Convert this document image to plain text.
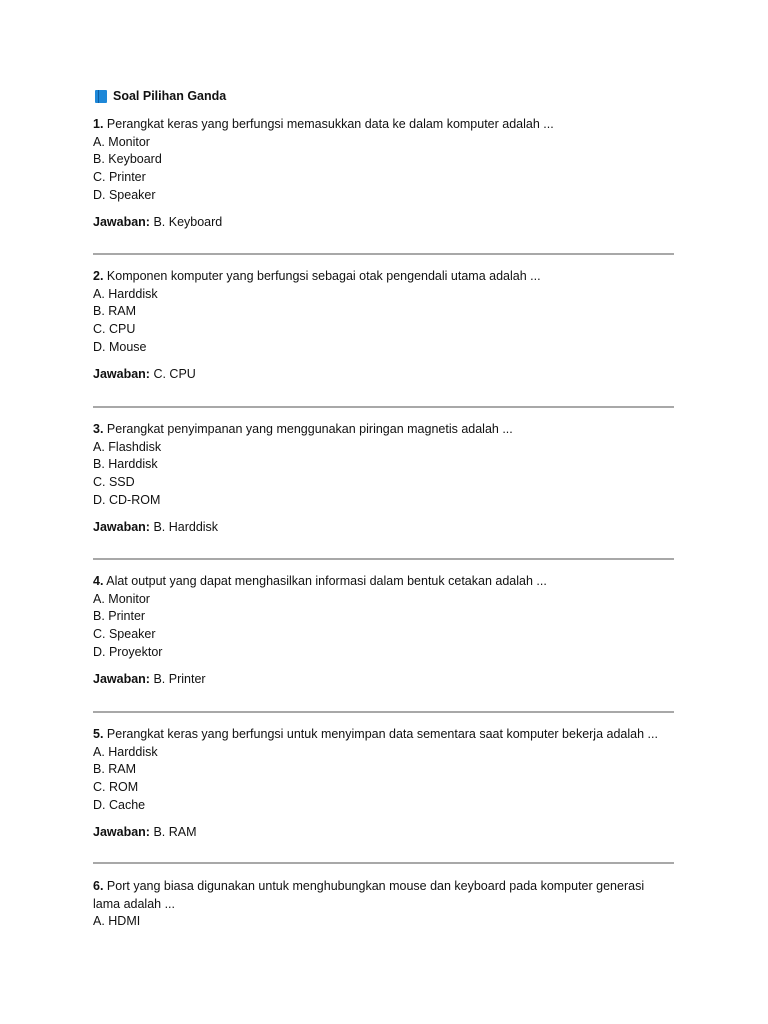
Soal Pilihan Ganda
1. Perangkat keras yang berfungsi memasukkan data ke dalam komputer adalah ...
A. Monitor
B. Keyboard
C. Printer
D. Speaker
Jawaban: B. Keyboard
2. Komponen komputer yang berfungsi sebagai otak pengendali utama adalah ...
A. Harddisk
B. RAM
C. CPU
D. Mouse
Jawaban: C. CPU
3. Perangkat penyimpanan yang menggunakan piringan magnetis adalah ...
A. Flashdisk
B. Harddisk
C. SSD
D. CD-ROM
Jawaban: B. Harddisk
4. Alat output yang dapat menghasilkan informasi dalam bentuk cetakan adalah ...
A. Monitor
B. Printer
C. Speaker
D. Proyektor
Jawaban: B. Printer
5. Perangkat keras yang berfungsi untuk menyimpan data sementara saat komputer bekerja adalah ...
A. Harddisk
B. RAM
C. ROM
D. Cache
Jawaban: B. RAM
6. Port yang biasa digunakan untuk menghubungkan mouse dan keyboard pada komputer generasi lama adalah ...
A. HDMI
